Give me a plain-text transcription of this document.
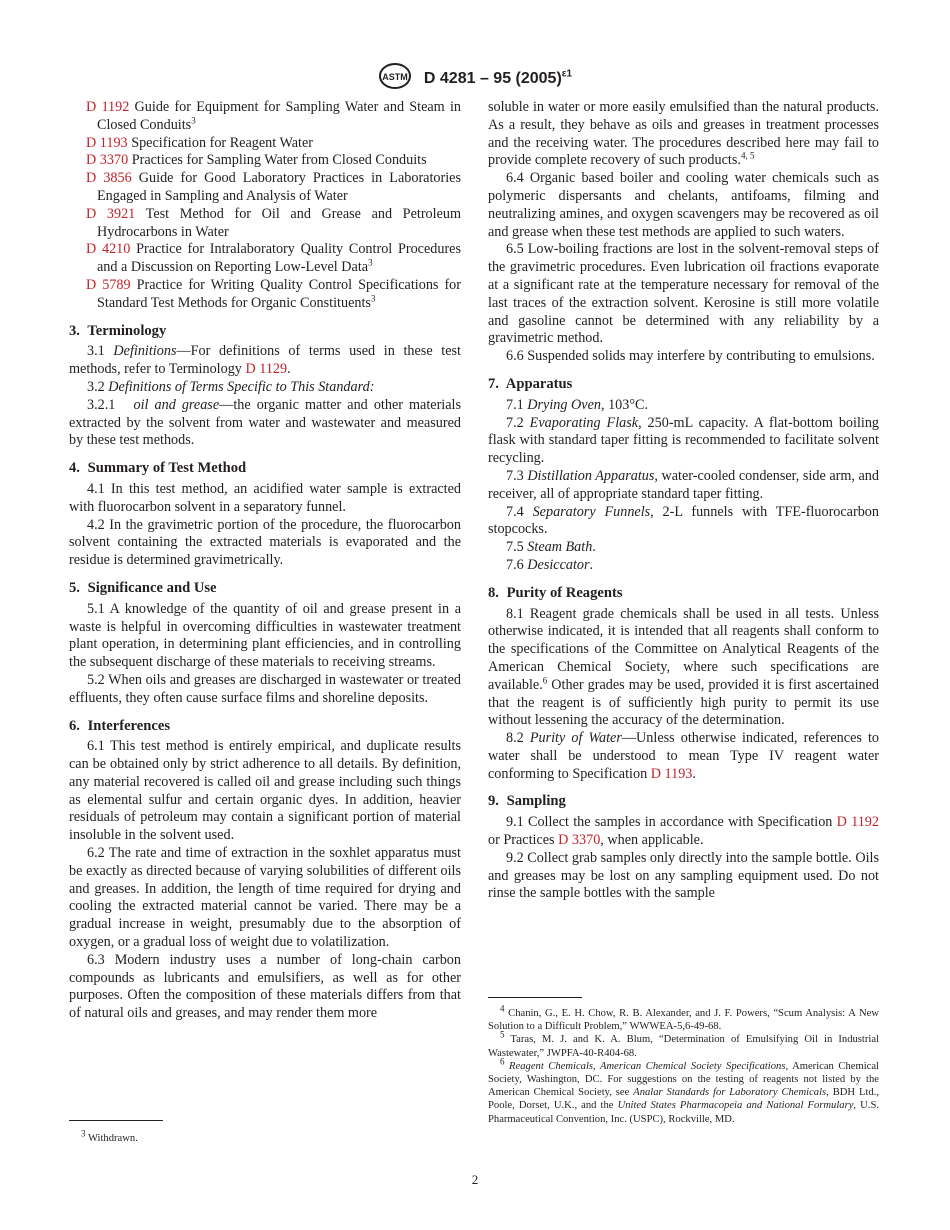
ASTM D 4281 – 95 $(2005)^{\varepsilon 1}$

D 1192 Guide for Equipment for Sampling Water and Steam in Closed Conduits$^3$

D 1193 Specification for Reagent Water

D 3370 Practices for Sampling Water from Closed Conduits

D 3856 Guide for Good Laboratory Practices in Laboratories Engaged in Sampling and Analysis of Water

D 3921 Test Method for Oil and Grease and Petroleum Hydrocarbons in Water

D 4210 Practice for Intralaboratory Quality Control Procedures and a Discussion on Reporting Low-Level Data$^3$

D 5789 Practice for Writing Quality Control Specifications for Standard Test Methods for Organic Constituents$^3$

3. Terminology

3.1 Definitions—For definitions of terms used in these test methods, refer to Terminology D 1129.

3.2 Definitions of Terms Specific to This Standard:

3.2.1 oil and grease—the organic matter and other materials extracted by the solvent from water and wastewater and measured by these test methods.

4. Summary of Test Method

4.1 In this test method, an acidified water sample is extracted with fluorocarbon solvent in a separatory funnel.

4.2 In the gravimetric portion of the procedure, the fluorocarbon solvent containing the extracted materials is evaporated and the residue is determined gravimetrically.

5. Significance and Use

5.1 A knowledge of the quantity of oil and grease present in a waste is helpful in overcoming difficulties in wastewater treatment plant operation, in determining plant efficiencies, and in controlling the subsequent discharge of these materials to receiving streams.

5.2 When oils and greases are discharged in wastewater or treated effluents, they often cause surface films and shoreline deposits.

6. Interferences

6.1 This test method is entirely empirical, and duplicate results can be obtained only by strict adherence to all details. By definition, any material recovered is called oil and grease including such things as elemental sulfur and certain organic dyes. In addition, heavier residuals of petroleum may contain a significant portion of material insoluble in the solvent used.

6.2 The rate and time of extraction in the soxhlet apparatus must be exactly as directed because of varying solubilities of different oils and greases. In addition, the length of time required for drying and cooling the extracted material cannot be varied. There may be a gradual increase in weight, presumably due to the absorption of oxygen, or a gradual loss of weight due to volatilization.

6.3 Modern industry uses a number of long-chain carbon compounds as lubricants and emulsifiers, as well as for other purposes. Often the composition of these materials differs from that of natural oils and greases, and may render them more

soluble in water or more easily emulsified than the natural products. As a result, they behave as oils and greases in treatment processes and the receiving water. The procedures described here may fail to provide complete recovery of such products.$^{4, 5}$

6.4 Organic based boiler and cooling water chemicals such as polymeric dispersants and chelants, antifoams, filming and neutralizing amines, and oxygen scavengers may be recovered as oil and grease when these test methods are applied to such waters.

6.5 Low-boiling fractions are lost in the solvent-removal steps of the gravimetric procedures. Even lubrication oil fractions evaporate at a significant rate at the temperature necessary for removal of the last traces of the extraction solvent. Kerosine is still more volatile and gasoline cannot be determined with any reliability by a gravimetric method.

6.6 Suspended solids may interfere by contributing to emulsions.

7. Apparatus

7.1 Drying Oven, 103°C.

7.2 Evaporating Flask, 250-mL capacity. A flat-bottom boiling flask with standard taper fitting is recommended to facilitate solvent recycling.

7.3 Distillation Apparatus, water-cooled condenser, side arm, and receiver, all of appropriate standard taper fitting.

7.4 Separatory Funnels, 2-L funnels with TFE-fluorocarbon stopcocks.

7.5 Steam Bath.

7.6 Desiccator.

8. Purity of Reagents

8.1 Reagent grade chemicals shall be used in all tests. Unless otherwise indicated, it is intended that all reagents shall conform to the specifications of the Committee on Analytical Reagents of the American Chemical Society, where such specifications are available.$^6$ Other grades may be used, provided it is first ascertained that the reagent is of sufficiently high purity to permit its use without lessening the accuracy of the determination.

8.2 Purity of Water—Unless otherwise indicated, references to water shall be understood to mean Type IV reagent water conforming to Specification D 1193.

9. Sampling

9.1 Collect the samples in accordance with Specification D 1192 or Practices D 3370, when applicable.

9.2 Collect grab samples only directly into the sample bottle. Oils and greases may be lost on any sampling equipment used. Do not rinse the sample bottles with the sample

$^3$ Withdrawn.

$^4$ Chanin, G., E. H. Chow, R. B. Alexander, and J. F. Powers, “Scum Analysis: A New Solution to a Difficult Problem,” WWWEA-5,6-49-68.

$^5$ Taras, M. J. and K. A. Blum, “Determination of Emulsifying Oil in Industrial Wastewater,” JWPFA-40-R404-68.

$^6$ Reagent Chemicals, American Chemical Society Specifications, American Chemical Society, Washington, DC. For suggestions on the testing of reagents not listed by the American Chemical Society, see Analar Standards for Laboratory Chemicals, BDH Ltd., Poole, Dorset, U.K., and the United States Pharmacopeia and National Formulary, U.S. Pharmaceutical Convention, Inc. (USPC), Rockville, MD.

2
